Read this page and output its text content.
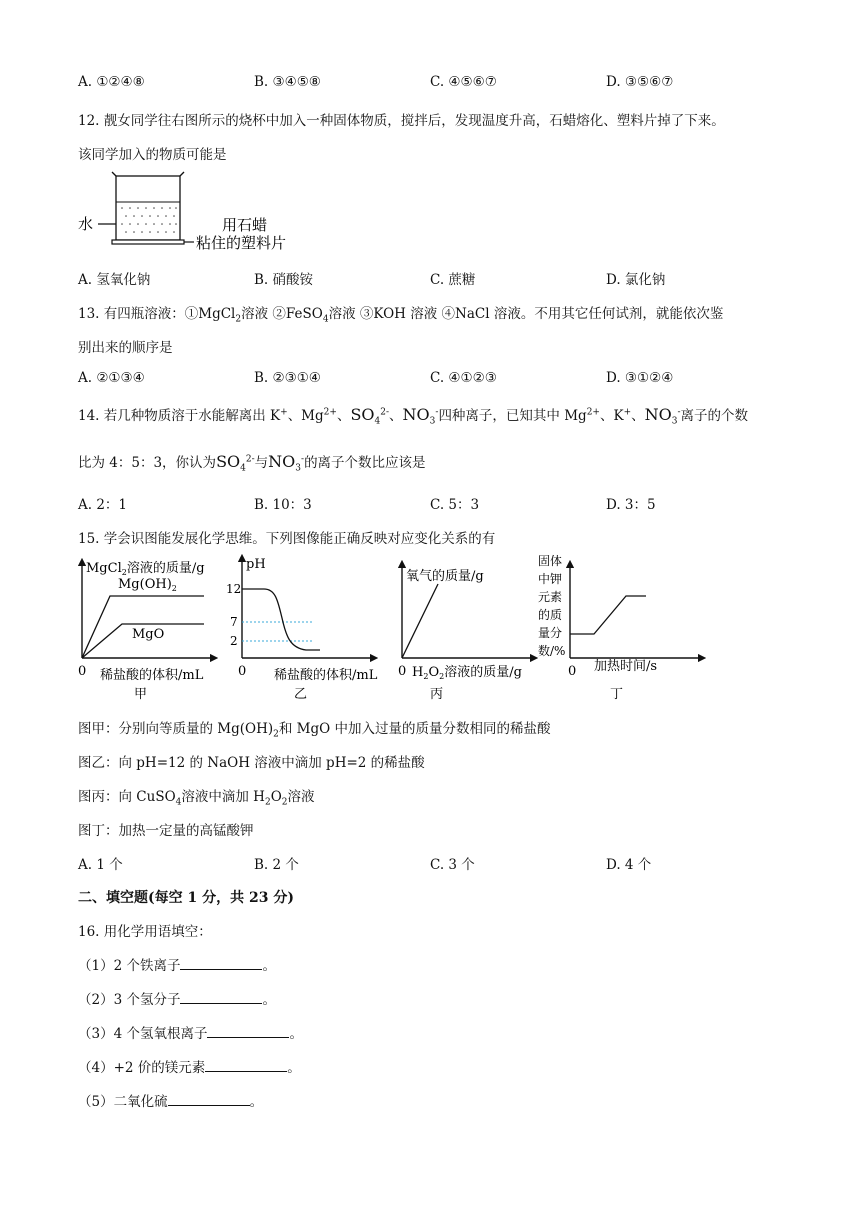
A. ①②④⑧	B. ③④⑤⑧	C. ④⑤⑥⑦	D. ③⑤⑥⑦
12. 靓女同学往右图所示的烧杯中加入一种固体物质，搅拌后，发现温度升高，石蜡熔化、塑料片掉了下来。
该同学加入的物质可能是
水	用石蜡
粘住的塑料片
A. 氢氧化钠	B. 硝酸铵	C. 蔗糖	D. 氯化钠
13. 有四瓶溶液：①MgCl$_2$溶液 ②FeSO$_4$溶液 ③KOH 溶液 ④NaCl 溶液。不用其它任何试剂，就能依次鉴
别出来的顺序是
A. ②①③④	B. ②③①④	C. ④①②③	D. ③①②④
14. 若几种物质溶于水能解离出 K+、$Mg^{2+}$、$SO_4^{2-}$、$NO_3^-$四种离子，已知其中 $Mg^{2+}$、K+、$NO_3^-$离子的个数
比为 4：5：3，你认为$SO_4^{2-}$与$NO_3^-$的离子个数比应该是
A. 2：1	B. 10：3	C. 5：3	D. 3：5
15. 学会识图能发展化学思维。下列图像能正确反映对应变化关系的有
MgCl$_2$溶液的质量/g
$Mg(OH)_2$
MgO
0 稀盐酸的体积/mL
甲
pH
12
7
2
0 稀盐酸的体积/mL
乙
氧气的质量/g
0 $H_2O_2$溶液的质量/g
丙
固体
中钾
元素
的质
量分
数/%
0 加热时间/s
丁
图甲：分别向等质量的 $Mg(OH)_2$和 MgO 中加入过量的质量分数相同的稀盐酸
图乙：向 pH=12 的 NaOH 溶液中滴加 pH=2 的稀盐酸
图丙：向 CuSO$_4$溶液中滴加 $H_2O_2$溶液
图丁：加热一定量的高锰酸钾
A. 1 个	B. 2 个	C. 3 个	D. 4 个
二、填空题(每空 1 分，共 23 分)
16. 用化学用语填空：
（1）2 个铁离子	。
（2）3 个氢分子	。
（3）4 个氢氧根离子	。
（4）+2 价的镁元素	。
（5）二氧化硫	。
